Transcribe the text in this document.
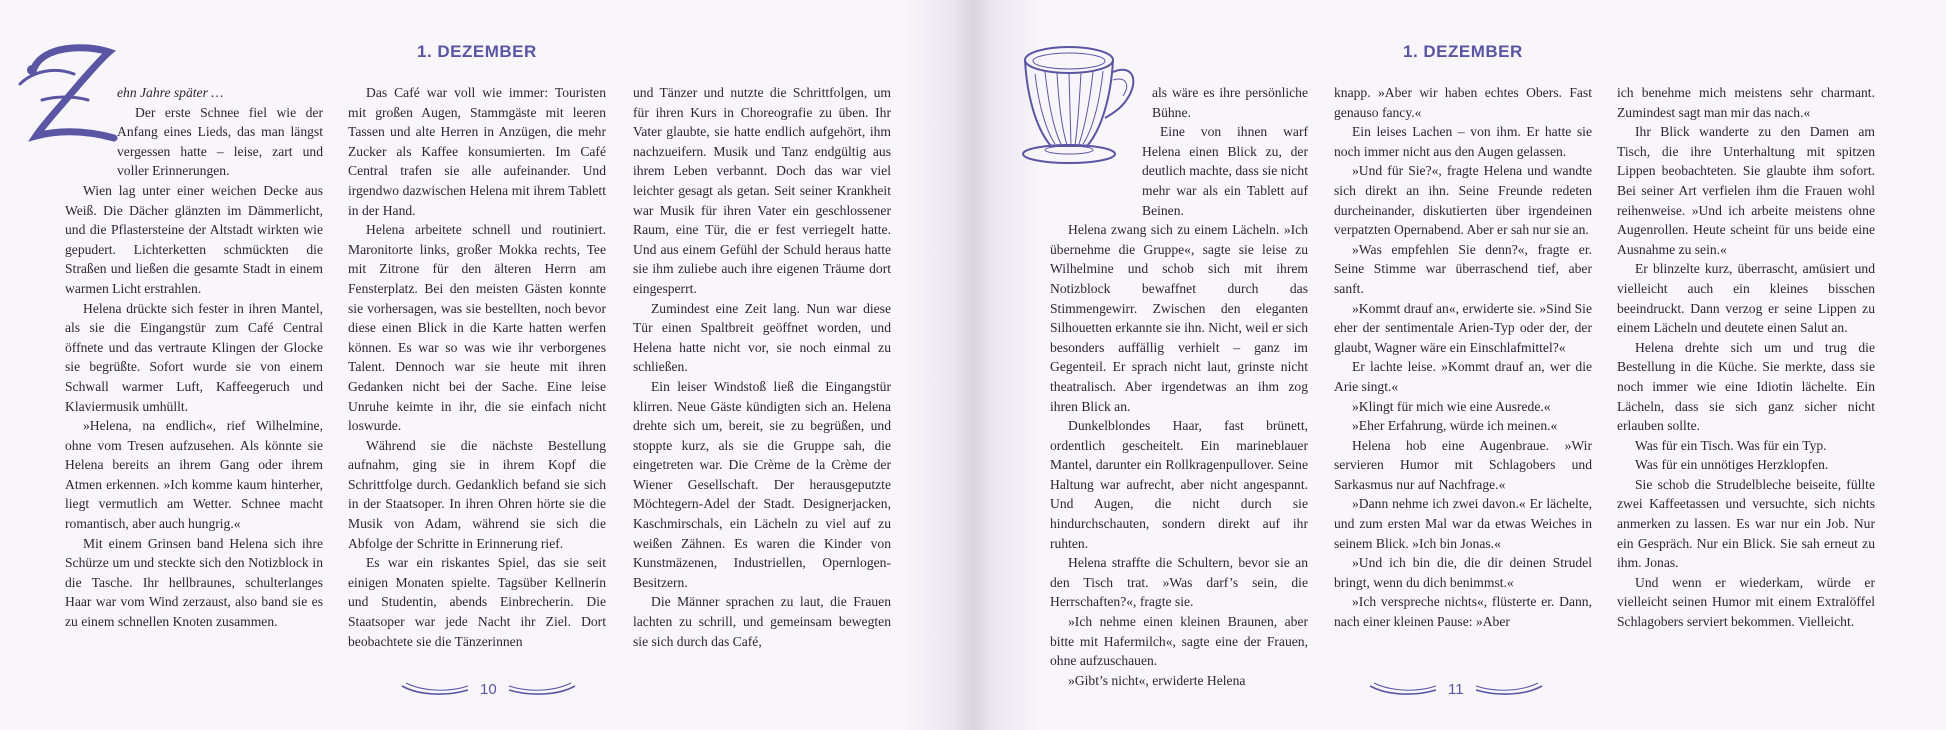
1. DEZEMBER

ehn Jahre später …

Der erste Schnee fiel wie der Anfang eines Lieds, das man längst vergessen hatte – leise, zart und voller Erinnerungen.

Wien lag unter einer weichen Decke aus Weiß. Die Dächer glänzten im Dämmerlicht, und die Pflastersteine der Altstadt wirkten wie gepudert. Lichterketten schmückten die Straßen und ließen die gesamte Stadt in einem warmen Licht erstrahlen.

Helena drückte sich fester in ihren Mantel, als sie die Eingangstür zum Café Central öffnete und das vertraute Klingen der Glocke sie begrüßte. Sofort wurde sie von einem Schwall warmer Luft, Kaffeegeruch und Klaviermusik umhüllt.

»Helena, na endlich«, rief Wilhelmine, ohne vom Tresen aufzusehen. Als könnte sie Helena bereits an ihrem Gang oder ihrem Atmen erkennen. »Ich komme kaum hinterher, liegt vermutlich am Wetter. Schnee macht romantisch, aber auch hungrig.«

Mit einem Grinsen band Helena sich ihre Schürze um und steckte sich den Notizblock in die Tasche. Ihr hellbraunes, schulterlanges Haar war vom Wind zerzaust, also band sie es zu einem schnellen Knoten zusammen.

Das Café war voll wie immer: Touristen mit großen Augen, Stammgäste mit leeren Tassen und alte Herren in Anzügen, die mehr Zucker als Kaffee konsumierten. Im Café Central trafen sie alle aufeinander. Und irgendwo dazwischen Helena mit ihrem Tablett in der Hand.

Helena arbeitete schnell und routiniert. Maronitorte links, großer Mokka rechts, Tee mit Zitrone für den älteren Herrn am Fensterplatz. Bei den meisten Gästen konnte sie vorhersagen, was sie bestellten, noch bevor diese einen Blick in die Karte hatten werfen können. Es war so was wie ihr verborgenes Talent. Dennoch war sie heute mit ihren Gedanken nicht bei der Sache. Eine leise Unruhe keimte in ihr, die sie einfach nicht loswurde.

Während sie die nächste Bestellung aufnahm, ging sie in ihrem Kopf die Schrittfolge durch. Gedanklich befand sie sich in der Staatsoper. In ihren Ohren hörte sie die Musik von Adam, während sie sich die Abfolge der Schritte in Erinnerung rief.

Es war ein riskantes Spiel, das sie seit einigen Monaten spielte. Tagsüber Kellnerin und Studentin, abends Einbrecherin. Die Staatsoper war jede Nacht ihr Ziel. Dort beobachtete sie die Tänzerinnen

und Tänzer und nutzte die Schrittfolgen, um für ihren Kurs in Choreografie zu üben. Ihr Vater glaubte, sie hatte endlich aufgehört, ihm nachzueifern. Musik und Tanz endgültig aus ihrem Leben verbannt. Doch das war viel leichter gesagt als getan. Seit seiner Krankheit war Musik für ihren Vater ein geschlossener Raum, eine Tür, die er fest verriegelt hatte. Und aus einem Gefühl der Schuld heraus hatte sie ihm zuliebe auch ihre eigenen Träume dort eingesperrt.

Zumindest eine Zeit lang. Nun war diese Tür einen Spaltbreit geöffnet worden, und Helena hatte nicht vor, sie noch einmal zu schließen.

Ein leiser Windstoß ließ die Eingangstür klirren. Neue Gäste kündigten sich an. Helena drehte sich um, bereit, sie zu begrüßen, und stoppte kurz, als sie die Gruppe sah, die eingetreten war. Die Crème de la Crème der Wiener Gesellschaft. Der herausgeputzte Möchtegern-Adel der Stadt. Designerjacken, Kaschmirschals, ein Lächeln zu viel auf zu weißen Zähnen. Es waren die Kinder von Kunstmäzenen, Industriellen, Opernlogen-Besitzern.

Die Männer sprachen zu laut, die Frauen lachten zu schrill, und gemeinsam bewegten sie sich durch das Café,

10
1. DEZEMBER

als wäre es ihre persönliche Bühne.

Eine von ihnen warf Helena einen Blick zu, der deutlich machte, dass sie nicht mehr war als ein Tablett auf Beinen.

Helena zwang sich zu einem Lächeln. »Ich übernehme die Gruppe«, sagte sie leise zu Wilhelmine und schob sich mit ihrem Notizblock bewaffnet durch das Stimmengewirr. Zwischen den eleganten Silhouetten erkannte sie ihn. Nicht, weil er sich besonders auffällig verhielt – ganz im Gegenteil. Er sprach nicht laut, grinste nicht theatralisch. Aber irgendetwas an ihm zog ihren Blick an.

Dunkelblondes Haar, fast brünett, ordentlich gescheitelt. Ein marineblauer Mantel, darunter ein Rollkragenpullover. Seine Haltung war aufrecht, aber nicht angespannt. Und Augen, die nicht durch sie hindurchschauten, sondern direkt auf ihr ruhten.

Helena straffte die Schultern, bevor sie an den Tisch trat. »Was darf’s sein, die Herrschaften?«, fragte sie.

»Ich nehme einen kleinen Braunen, aber bitte mit Hafermilch«, sagte eine der Frauen, ohne aufzuschauen.

»Gibt’s nicht«, erwiderte Helena

knapp. »Aber wir haben echtes Obers. Fast genauso fancy.«

Ein leises Lachen – von ihm. Er hatte sie noch immer nicht aus den Augen gelassen.

»Und für Sie?«, fragte Helena und wandte sich direkt an ihn. Seine Freunde redeten durcheinander, diskutierten über irgendeinen verpatzten Opernabend. Aber er sah nur sie an.

»Was empfehlen Sie denn?«, fragte er. Seine Stimme war überraschend tief, aber sanft.

»Kommt drauf an«, erwiderte sie. »Sind Sie eher der sentimentale Arien-Typ oder der, der glaubt, Wagner wäre ein Einschlafmittel?«

Er lachte leise. »Kommt drauf an, wer die Arie singt.«

»Klingt für mich wie eine Ausrede.«

»Eher Erfahrung, würde ich meinen.«

Helena hob eine Augenbraue. »Wir servieren Humor mit Schlagobers und Sarkasmus nur auf Nachfrage.«

»Dann nehme ich zwei davon.« Er lächelte, und zum ersten Mal war da etwas Weiches in seinem Blick. »Ich bin Jonas.«

»Und ich bin die, die dir deinen Strudel bringt, wenn du dich benimmst.«

»Ich verspreche nichts«, flüsterte er. Dann, nach einer kleinen Pause: »Aber

ich benehme mich meistens sehr charmant. Zumindest sagt man mir das nach.«

Ihr Blick wanderte zu den Damen am Tisch, die ihre Unterhaltung mit spitzen Lippen beobachteten. Sie glaubte ihm sofort. Bei seiner Art verfielen ihm die Frauen wohl reihenweise. »Und ich arbeite meistens ohne Augenrollen. Heute scheint für uns beide eine Ausnahme zu sein.«

Er blinzelte kurz, überrascht, amüsiert und vielleicht auch ein kleines bisschen beeindruckt. Dann verzog er seine Lippen zu einem Lächeln und deutete einen Salut an.

Helena drehte sich um und trug die Bestellung in die Küche. Sie merkte, dass sie noch immer wie eine Idiotin lächelte. Ein Lächeln, dass sie sich ganz sicher nicht erlauben sollte.

Was für ein Tisch. Was für ein Typ.

Was für ein unnötiges Herzklopfen.

Sie schob die Strudelbleche beiseite, füllte zwei Kaffeetassen und versuchte, sich nichts anmerken zu lassen. Es war nur ein Job. Nur ein Gespräch. Nur ein Blick. Sie sah erneut zu ihm. Jonas.

Und wenn er wiederkam, würde er vielleicht seinen Humor mit einem Extralöffel Schlagobers serviert bekommen. Vielleicht.

11
